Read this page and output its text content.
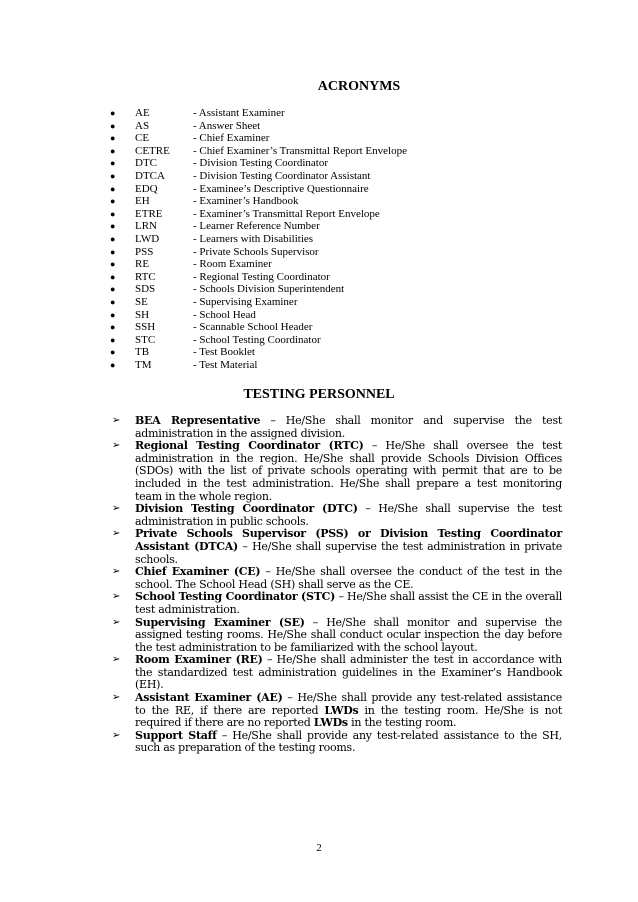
ACRONYMS
●	AE	- Assistant Examiner
●	AS	- Answer Sheet
●	CE	- Chief Examiner
●	CETRE	- Chief Examiner’s Transmittal Report Envelope
●	DTC	- Division Testing Coordinator
●	DTCA	- Division Testing Coordinator Assistant
●	EDQ	- Examinee’s Descriptive Questionnaire
●	EH	- Examiner’s Handbook
●	ETRE	- Examiner’s Transmittal Report Envelope
●	LRN	- Learner Reference Number
●	LWD	- Learners with Disabilities
●	PSS	- Private Schools Supervisor
●	RE	- Room Examiner
●	RTC	- Regional Testing Coordinator
●	SDS	- Schools Division Superintendent
●	SE	- Supervising Examiner
●	SH	- School Head
●	SSH	- Scannable School Header
●	STC	- School Testing Coordinator
●	TB	- Test Booklet
●	TM	- Test Material
TESTING PERSONNEL
➢ BEA Representative – He/She shall monitor and supervise the test administration in the assigned division.
➢ Regional Testing Coordinator (RTC) – He/She shall oversee the test administration in the region. He/She shall provide Schools Division Offices (SDOs) with the list of private schools operating with permit that are to be included in the test administration. He/She shall prepare a test monitoring team in the whole region.
➢ Division Testing Coordinator (DTC) – He/She shall supervise the test administration in public schools.
➢ Private Schools Supervisor (PSS) or Division Testing Coordinator Assistant (DTCA) – He/She shall supervise the test administration in private schools.
➢ Chief Examiner (CE) – He/She shall oversee the conduct of the test in the school. The School Head (SH) shall serve as the CE.
➢ School Testing Coordinator (STC) – He/She shall assist the CE in the overall test administration.
➢ Supervising Examiner (SE) – He/She shall monitor and supervise the assigned testing rooms. He/She shall conduct ocular inspection the day before the test administration to be familiarized with the school layout.
➢ Room Examiner (RE) – He/She shall administer the test in accordance with the standardized test administration guidelines in the Examiner’s Handbook (EH).
➢ Assistant Examiner (AE) – He/She shall provide any test-related assistance to the RE, if there are reported LWDs in the testing room. He/She is not required if there are no reported LWDs in the testing room.
➢ Support Staff – He/She shall provide any test-related assistance to the SH, such as preparation of the testing rooms.
2
